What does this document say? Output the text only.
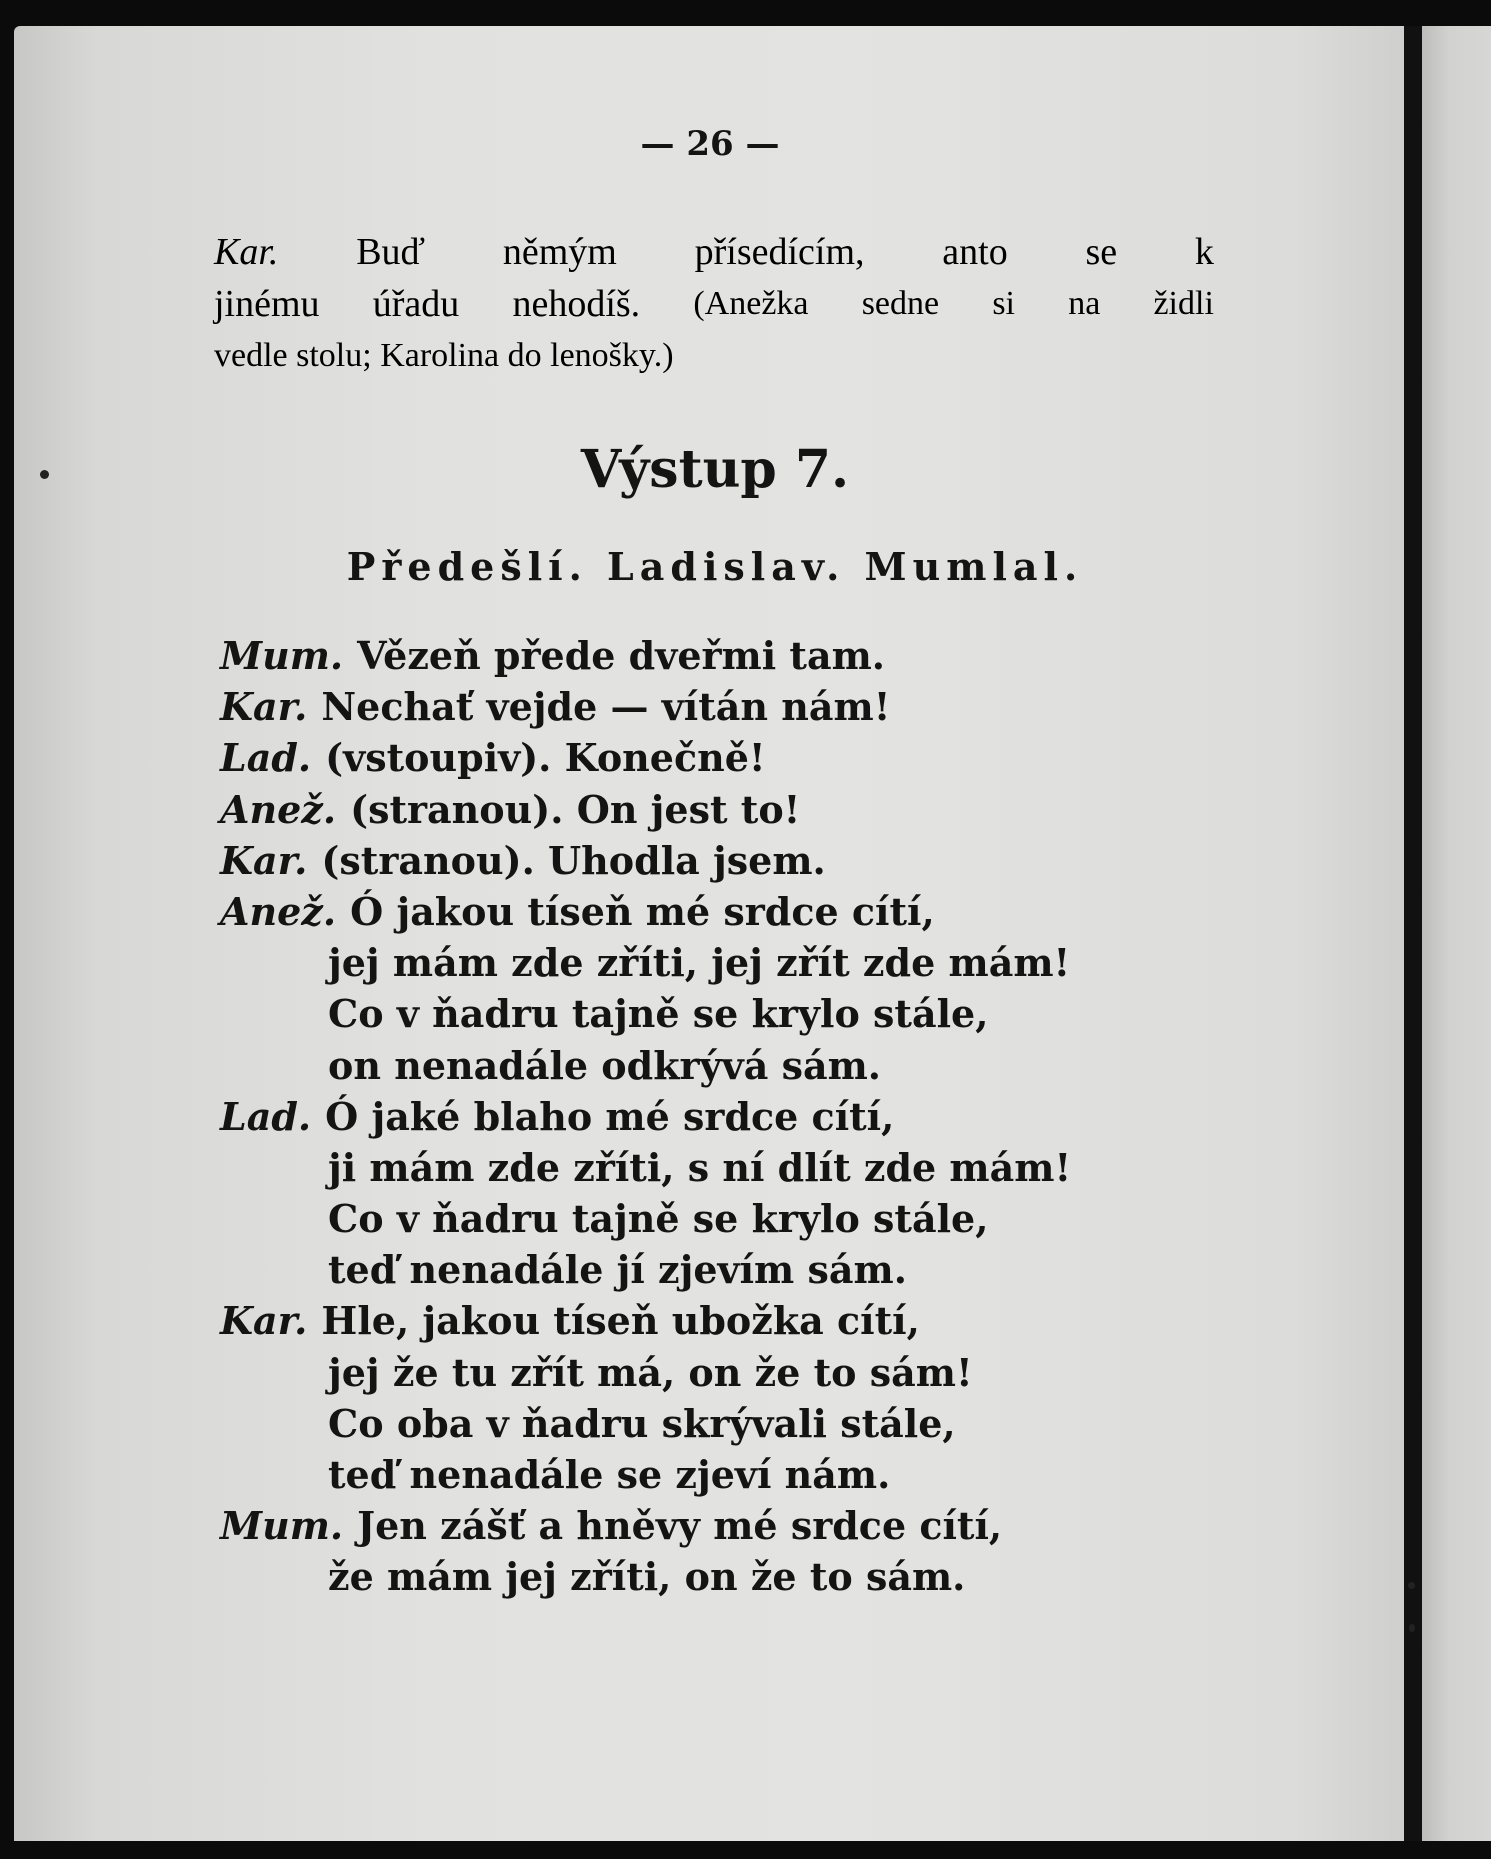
— 26 —
Kar. Buď němým přísedícím, anto se k
jinému úřadu nehodíš. (Anežka sedne si na židli
vedle stolu; Karolina do lenošky.)
Výstup 7.
Předešlí. Ladislav. Mumlal.
Mum. Vězeň přede dveřmi tam.
Kar. Nechať vejde — vítán nám!
Lad. (vstoupiv). Konečně!
Anež. (stranou). On jest to!
Kar. (stranou). Uhodla jsem.
Anež. Ó jakou tíseň mé srdce cítí,
jej mám zde zříti, jej zřít zde mám!
Co v ňadru tajně se krylo stále,
on nenadále odkrývá sám.
Lad. Ó jaké blaho mé srdce cítí,
ji mám zde zříti, s ní dlít zde mám!
Co v ňadru tajně se krylo stále,
teď nenadále jí zjevím sám.
Kar. Hle, jakou tíseň ubožka cítí,
jej že tu zřít má, on že to sám!
Co oba v ňadru skrývali stále,
teď nenadále se zjeví nám.
Mum. Jen zášť a hněvy mé srdce cítí,
že mám jej zříti, on že to sám.
